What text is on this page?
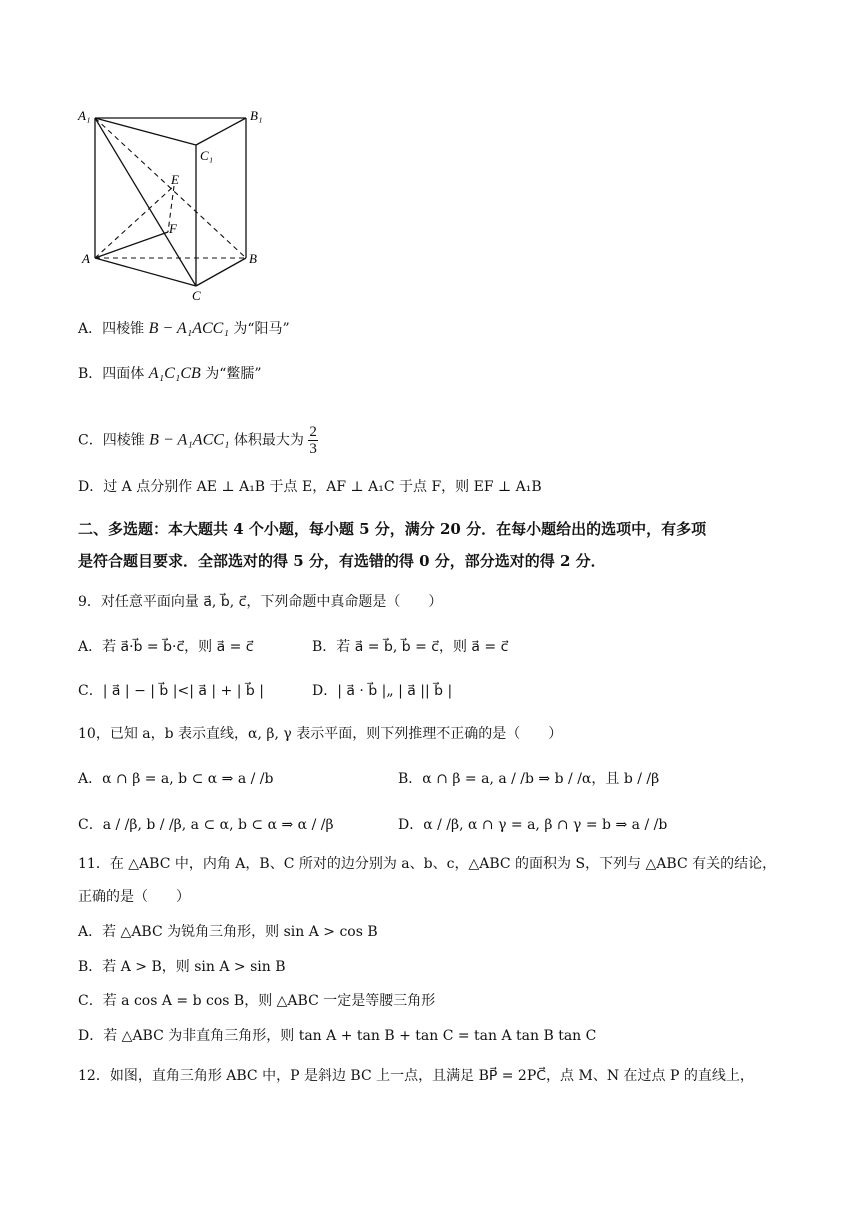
A₁	B₁
C₁
E
F
A	B
C
A．四棱锥 B − A₁ACC₁ 为“阳马”
B．四面体 A₁C₁CB 为“鳖臑”
C．四棱锥 B − A₁ACC₁ 体积最大为 $\frac{2}{3}$
D．过 A 点分别作 AE ⊥ A₁B 于点 E，AF ⊥ A₁C 于点 F，则 EF ⊥ A₁B
二、多选题：本大题共 4 个小题，每小题 5 分，满分 20 分．在每小题给出的选项中，有多项
是符合题目要求．全部选对的得 5 分，有选错的得 0 分，部分选对的得 2 分．
9．对任意平面向量 a⃗, b⃗, c⃗，下列命题中真命题是（　　）
A．若 a⃗·b⃗ = b⃗·c⃗，则 a⃗ = c⃗	B．若 a⃗ = b⃗, b⃗ = c⃗，则 a⃗ = c⃗
C．| a⃗ | − | b⃗ |<| a⃗ | + | b⃗ |	D．| a⃗ · b⃗ |„ | a⃗ || b⃗ |
10，已知 a，b 表示直线，α, β, γ 表示平面，则下列推理不正确的是（　　）
A．α ∩ β = a, b ⊂ α ⇒ a / /b	B．α ∩ β = a, a / /b ⇒ b / /α，且 b / /β
C．a / /β, b / /β, a ⊂ α, b ⊂ α ⇒ α / /β	D．α / /β, α ∩ γ = a, β ∩ γ = b ⇒ a / /b
11．在 △ABC 中，内角 A，B、C 所对的边分别为 a、b、c，△ABC 的面积为 S，下列与 △ABC 有关的结论，
正确的是（　　）
A．若 △ABC 为锐角三角形，则 sin A > cos B
B．若 A > B，则 sin A > sin B
C．若 a cos A = b cos B，则 △ABC 一定是等腰三角形
D．若 △ABC 为非直角三角形，则 tan A + tan B + tan C = tan A tan B tan C
12．如图，直角三角形 ABC 中，P 是斜边 BC 上一点，且满足 BP⃗ = 2PC⃗，点 M、N 在过点 P 的直线上，
